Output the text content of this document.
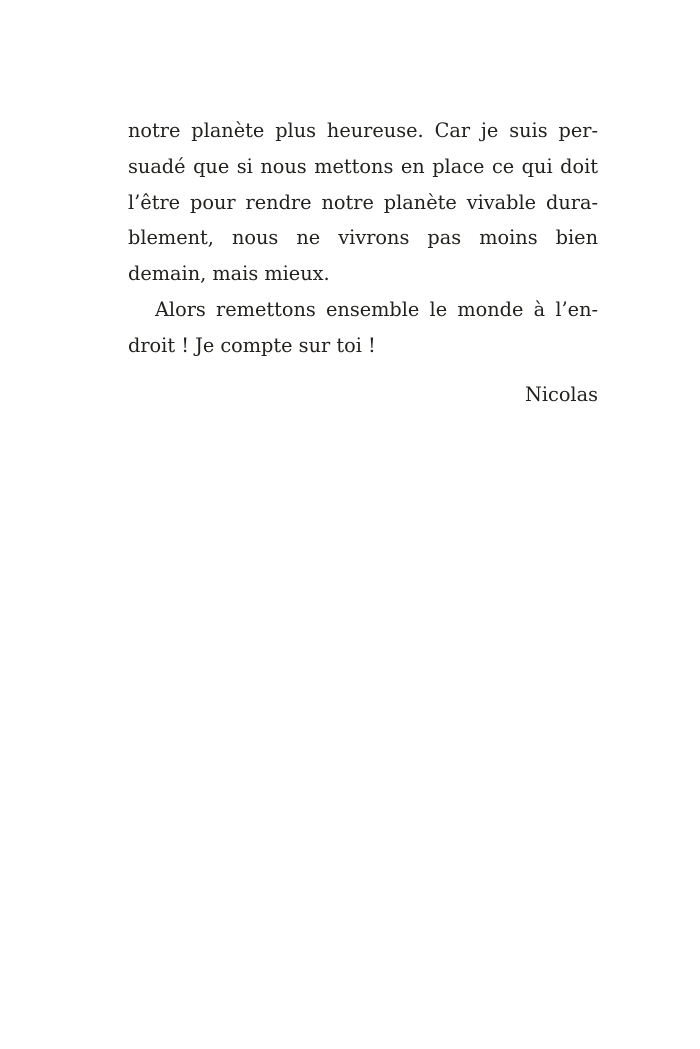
notre planète plus heureuse. Car je suis per-
suadé que si nous mettons en place ce qui doit
l’être pour rendre notre planète vivable dura-
blement, nous ne vivrons pas moins bien
demain, mais mieux.
Alors remettons ensemble le monde à l’en-
droit ! Je compte sur toi !
Nicolas
